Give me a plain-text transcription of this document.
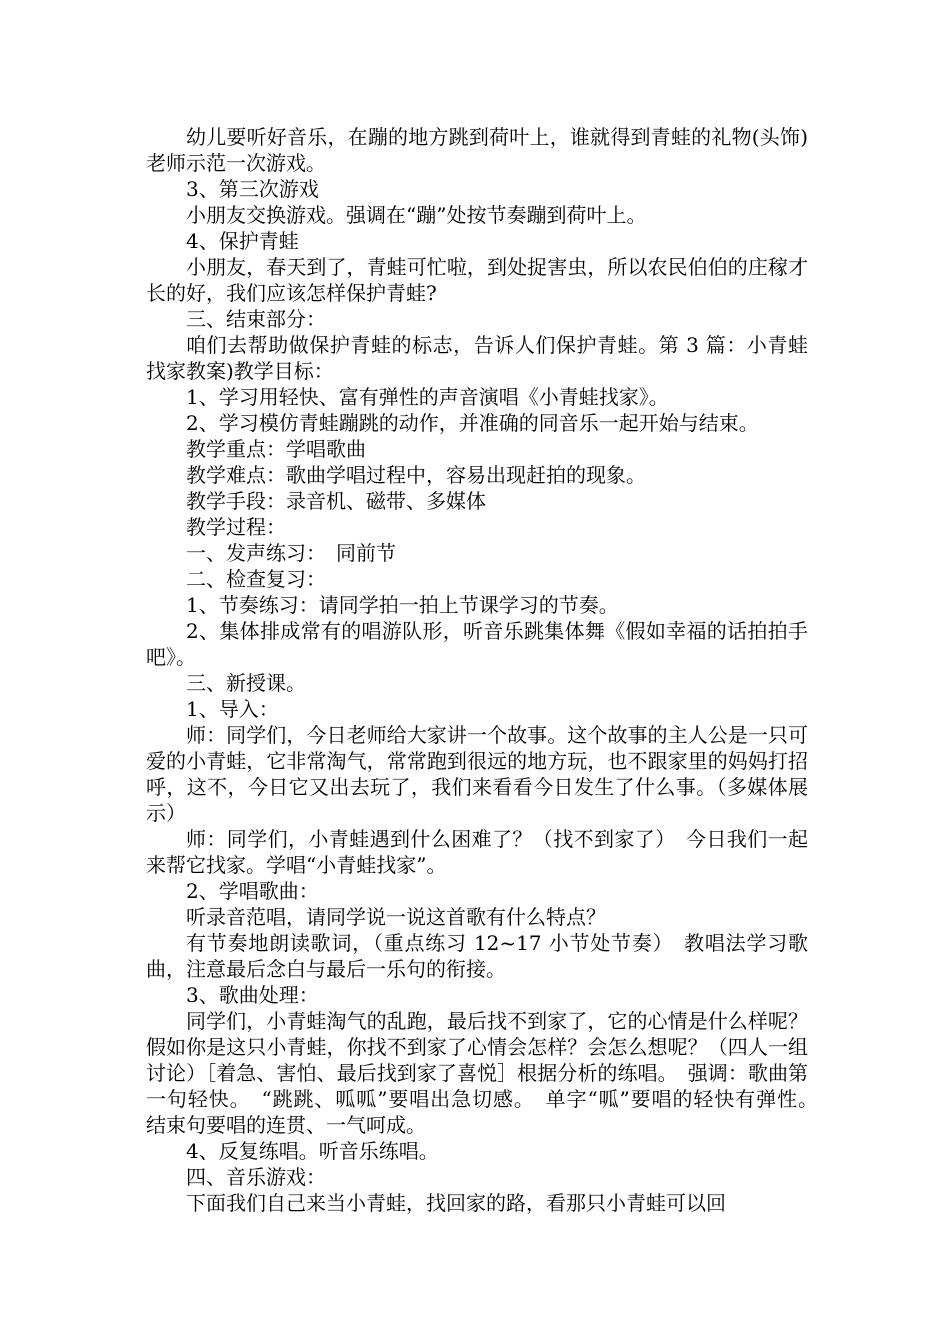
幼儿要听好音乐，在蹦的地方跳到荷叶上，谁就得到青蛙的礼物(头饰)老师示范一次游戏。

3、第三次游戏

小朋友交换游戏。强调在“蹦”处按节奏蹦到荷叶上。

4、保护青蛙

小朋友，春天到了，青蛙可忙啦，到处捉害虫，所以农民伯伯的庄稼才长的好，我们应该怎样保护青蛙?

三、结束部分：

咱们去帮助做保护青蛙的标志，告诉人们保护青蛙。第 3 篇：小青蛙找家教案)教学目标：

1、学习用轻快、富有弹性的声音演唱《小青蛙找家》。

2、学习模仿青蛙蹦跳的动作，并准确的同音乐一起开始与结束。

教学重点：学唱歌曲

教学难点：歌曲学唱过程中，容易出现赶拍的现象。

教学手段：录音机、磁带、多媒体

教学过程：

一、发声练习：　同前节

二、检查复习：

1、节奏练习：请同学拍一拍上节课学习的节奏。

2、集体排成常有的唱游队形，听音乐跳集体舞《假如幸福的话拍拍手吧》。

三、新授课。

1、导入：

师：同学们，今日老师给大家讲一个故事。这个故事的主人公是一只可爱的小青蛙，它非常淘气，常常跑到很远的地方玩，也不跟家里的妈妈打招呼，这不，今日它又出去玩了，我们来看看今日发生了什么事。（多媒体展示）

师：同学们，小青蛙遇到什么困难了？（找不到家了）　今日我们一起来帮它找家。学唱“小青蛙找家”。

2、学唱歌曲：

听录音范唱，请同学说一说这首歌有什么特点？

有节奏地朗读歌词，（重点练习 12~17 小节处节奏）　教唱法学习歌曲，注意最后念白与最后一乐句的衔接。

3、歌曲处理：

同学们，小青蛙淘气的乱跑，最后找不到家了，它的心情是什么样呢？假如你是这只小青蛙，你找不到家了心情会怎样？会怎么想呢？（四人一组讨论）［着急、害怕、最后找到家了喜悦］根据分析的练唱。　强调：歌曲第一句轻快。　“跳跳、呱呱”要唱出急切感。　单字“呱”要唱的轻快有弹性。　结束句要唱的连贯、一气呵成。

4、反复练唱。听音乐练唱。

四、音乐游戏：

下面我们自己来当小青蛙，找回家的路，看那只小青蛙可以回
